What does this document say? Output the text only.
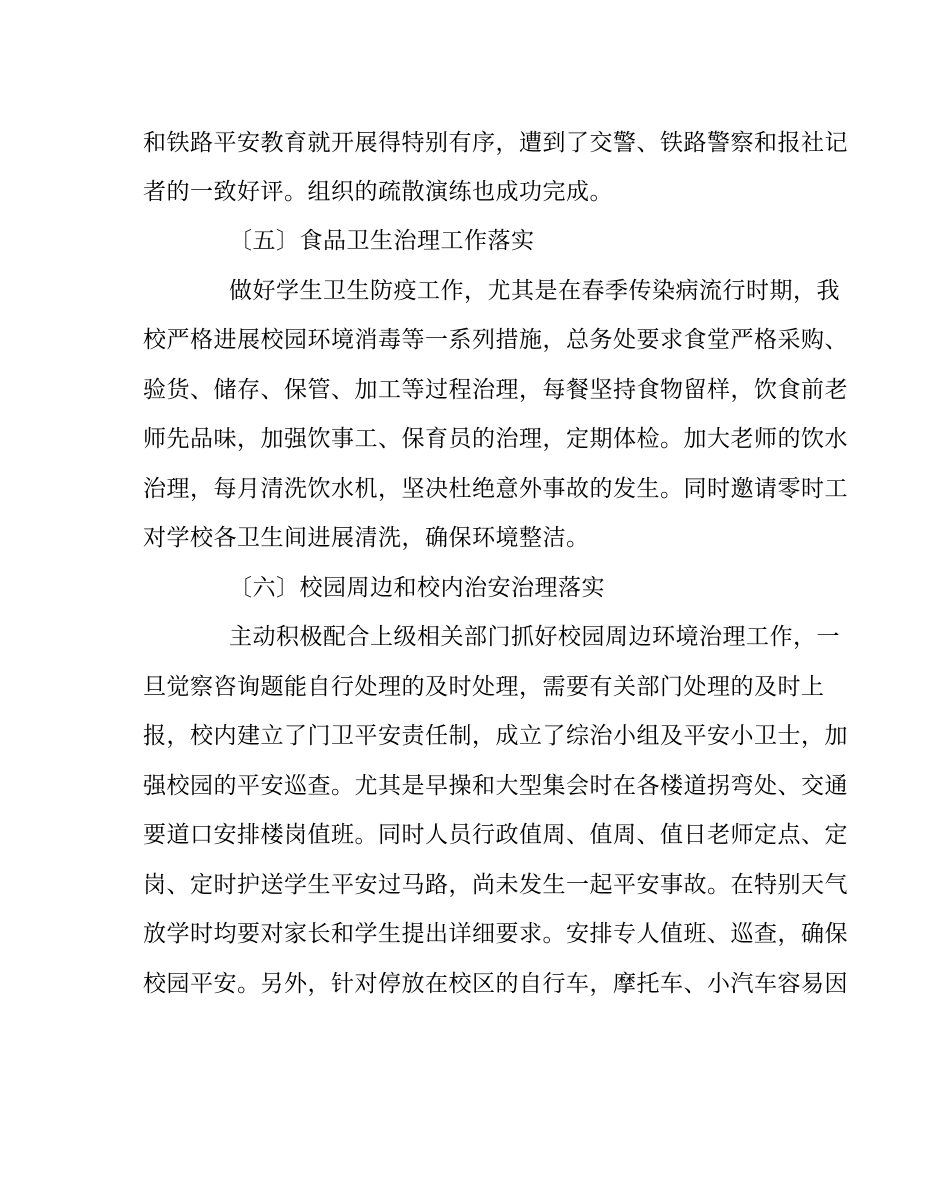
和铁路平安教育就开展得特别有序，遭到了交警、铁路警察和报社记
者的一致好评。组织的疏散演练也成功完成。
〔五〕食品卫生治理工作落实
做好学生卫生防疫工作，尤其是在春季传染病流行时期，我
校严格进展校园环境消毒等一系列措施，总务处要求食堂严格采购、
验货、储存、保管、加工等过程治理，每餐坚持食物留样，饮食前老
师先品味，加强饮事工、保育员的治理，定期体检。加大老师的饮水
治理，每月清洗饮水机，坚决杜绝意外事故的发生。同时邀请零时工
对学校各卫生间进展清洗，确保环境整洁。
〔六〕校园周边和校内治安治理落实
主动积极配合上级相关部门抓好校园周边环境治理工作，一
旦觉察咨询题能自行处理的及时处理，需要有关部门处理的及时上
报，校内建立了门卫平安责任制，成立了综治小组及平安小卫士，加
强校园的平安巡查。尤其是早操和大型集会时在各楼道拐弯处、交通
要道口安排楼岗值班。同时人员行政值周、值周、值日老师定点、定
岗、定时护送学生平安过马路，尚未发生一起平安事故。在特别天气
放学时均要对家长和学生提出详细要求。安排专人值班、巡查，确保
校园平安。另外，针对停放在校区的自行车，摩托车、小汽车容易因
